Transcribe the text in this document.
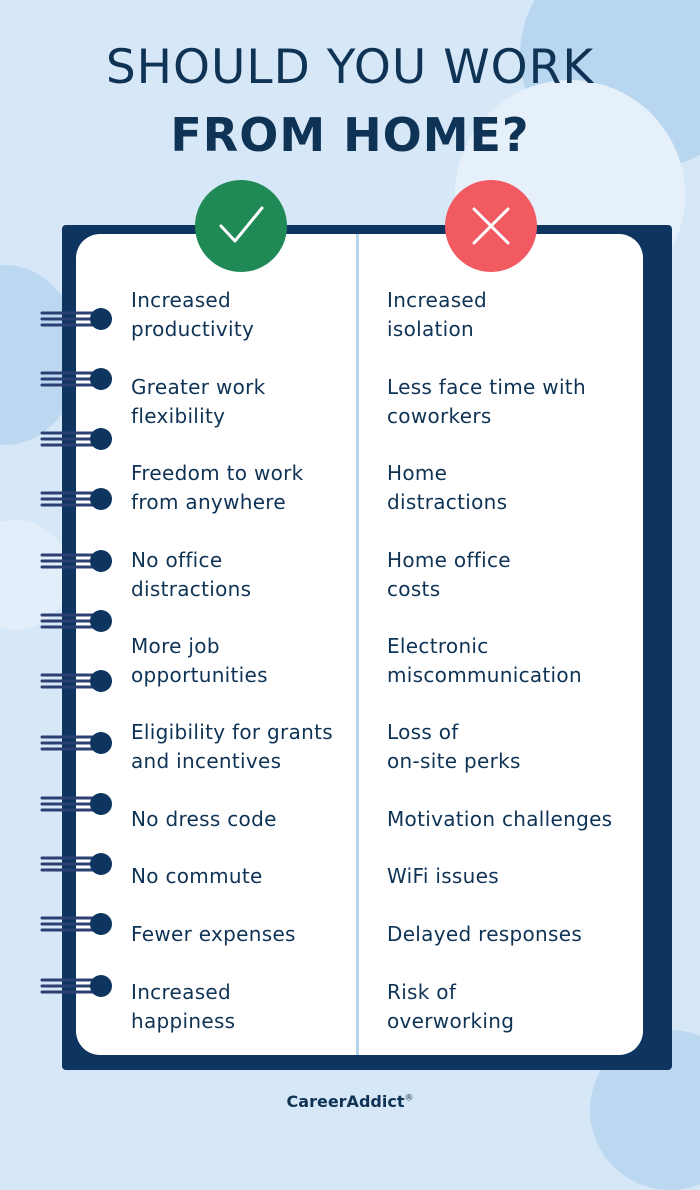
SHOULD YOU WORK
FROM HOME?
Increased
productivity
Greater work
flexibility
Freedom to work
from anywhere
No office
distractions
More job
opportunities
Eligibility for grants
and incentives
No dress code
No commute
Fewer expenses
Increased
happiness
Increased
isolation
Less face time with
coworkers
Home
distractions
Home office
costs
Electronic
miscommunication
Loss of
on-site perks
Motivation challenges
WiFi issues
Delayed responses
Risk of
overworking
CareerAddict®
